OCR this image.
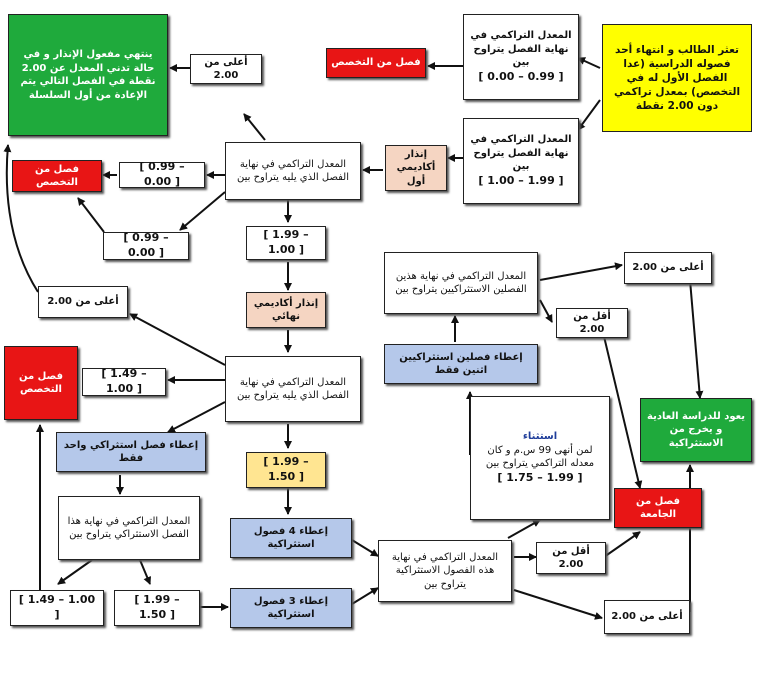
تعثر الطالب و انتهاء أحد فصوله الدراسية (عدا الفصل الأول له في التخصص) بمعدل تراكمي دون 2.00 نقطة
المعدل التراكمي في نهاية الفصل يتراوح بين
[ 0.99 – 0.00 ]
فصل من التخصص
المعدل التراكمي في نهاية الفصل يتراوح بين
[ 1.99 – 1.00 ]
إنذار أكاديمي أول
المعدل التراكمي في نهاية الفصل الذي يليه يتراوح بين
[ 0.99 – 0.00 ]
فصل من التخصص
أعلى من 2.00
ينتهي مفعول الإنذار و في حالة تدني المعدل عن 2.00 نقطة في الفصل التالي يتم الإعادة من أول السلسلة
[ 1.99 – 1.00 ]
[ 0.99 – 0.00 ]
أعلى من 2.00	إنذار أكاديمي نهائي
المعدل التراكمي في نهاية الفصل الذي يليه يتراوح بين
فصل من التخصص
[ 1.49 – 1.00 ]
إعطاء فصل استثراكي واحد فقط
المعدل التراكمي في نهاية هذا الفصل الاستثراكي يتراوح بين
[ 1.49 – 1.00 ]
[ 1.99 – 1.50 ]
[ 1.99 – 1.50 ]
إعطاء 4 فصول استثراكية
إعطاء 3 فصول استثراكية
المعدل التراكمي في نهاية هذه الفصول الاستثراكية يتراوح بين
المعدل التراكمي في نهاية هذين الفصلين الاستثراكيين يتراوح بين
إعطاء فصلين استثراكيين اثنين فقط
أعلى من 2.00
أقل من 2.00
استثناء
لمن أنهى 99 س.م و كان معدله التراكمي يتراوح بين
[ 1.99 – 1.75 ]
يعود للدراسة العادية و يخرج من الاستثراكية
فصل من الجامعة
أقل من 2.00
أعلى من 2.00
